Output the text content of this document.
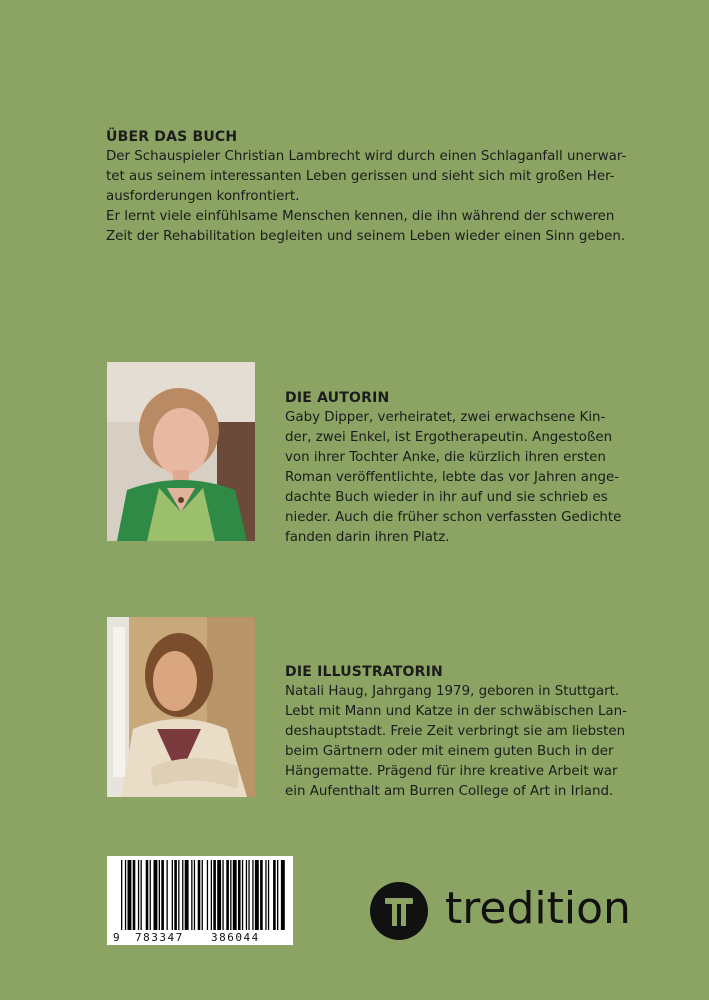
ÜBER DAS BUCH

Der Schauspieler Christian Lambrecht wird durch einen Schlaganfall unerwar-

tet aus seinem interessanten Leben gerissen und sieht sich mit großen Her-

ausforderungen konfrontiert.

Er lernt viele einfühlsame Menschen kennen, die ihn während der schweren

Zeit der Rehabilitation begleiten und seinem Leben wieder einen Sinn geben.

DIE AUTORIN

Gaby Dipper, verheiratet, zwei erwachsene Kin-

der, zwei Enkel, ist Ergotherapeutin. Angestoßen

von ihrer Tochter Anke, die kürzlich ihren ersten

Roman veröffentlichte, lebte das vor Jahren ange-

dachte Buch wieder in ihr auf und sie schrieb es

nieder. Auch die früher schon verfassten Gedichte

fanden darin ihren Platz.

DIE ILLUSTRATORIN

Natali Haug, Jahrgang 1979, geboren in Stuttgart.

Lebt mit Mann und Katze in der schwäbischen Lan-

deshauptstadt. Freie Zeit verbringt sie am liebsten

beim Gärtnern oder mit einem guten Buch in der

Hängematte. Prägend für ihre kreative Arbeit war

ein Aufenthalt am Burren College of Art in Irland.

9 783347 386044
tredition
